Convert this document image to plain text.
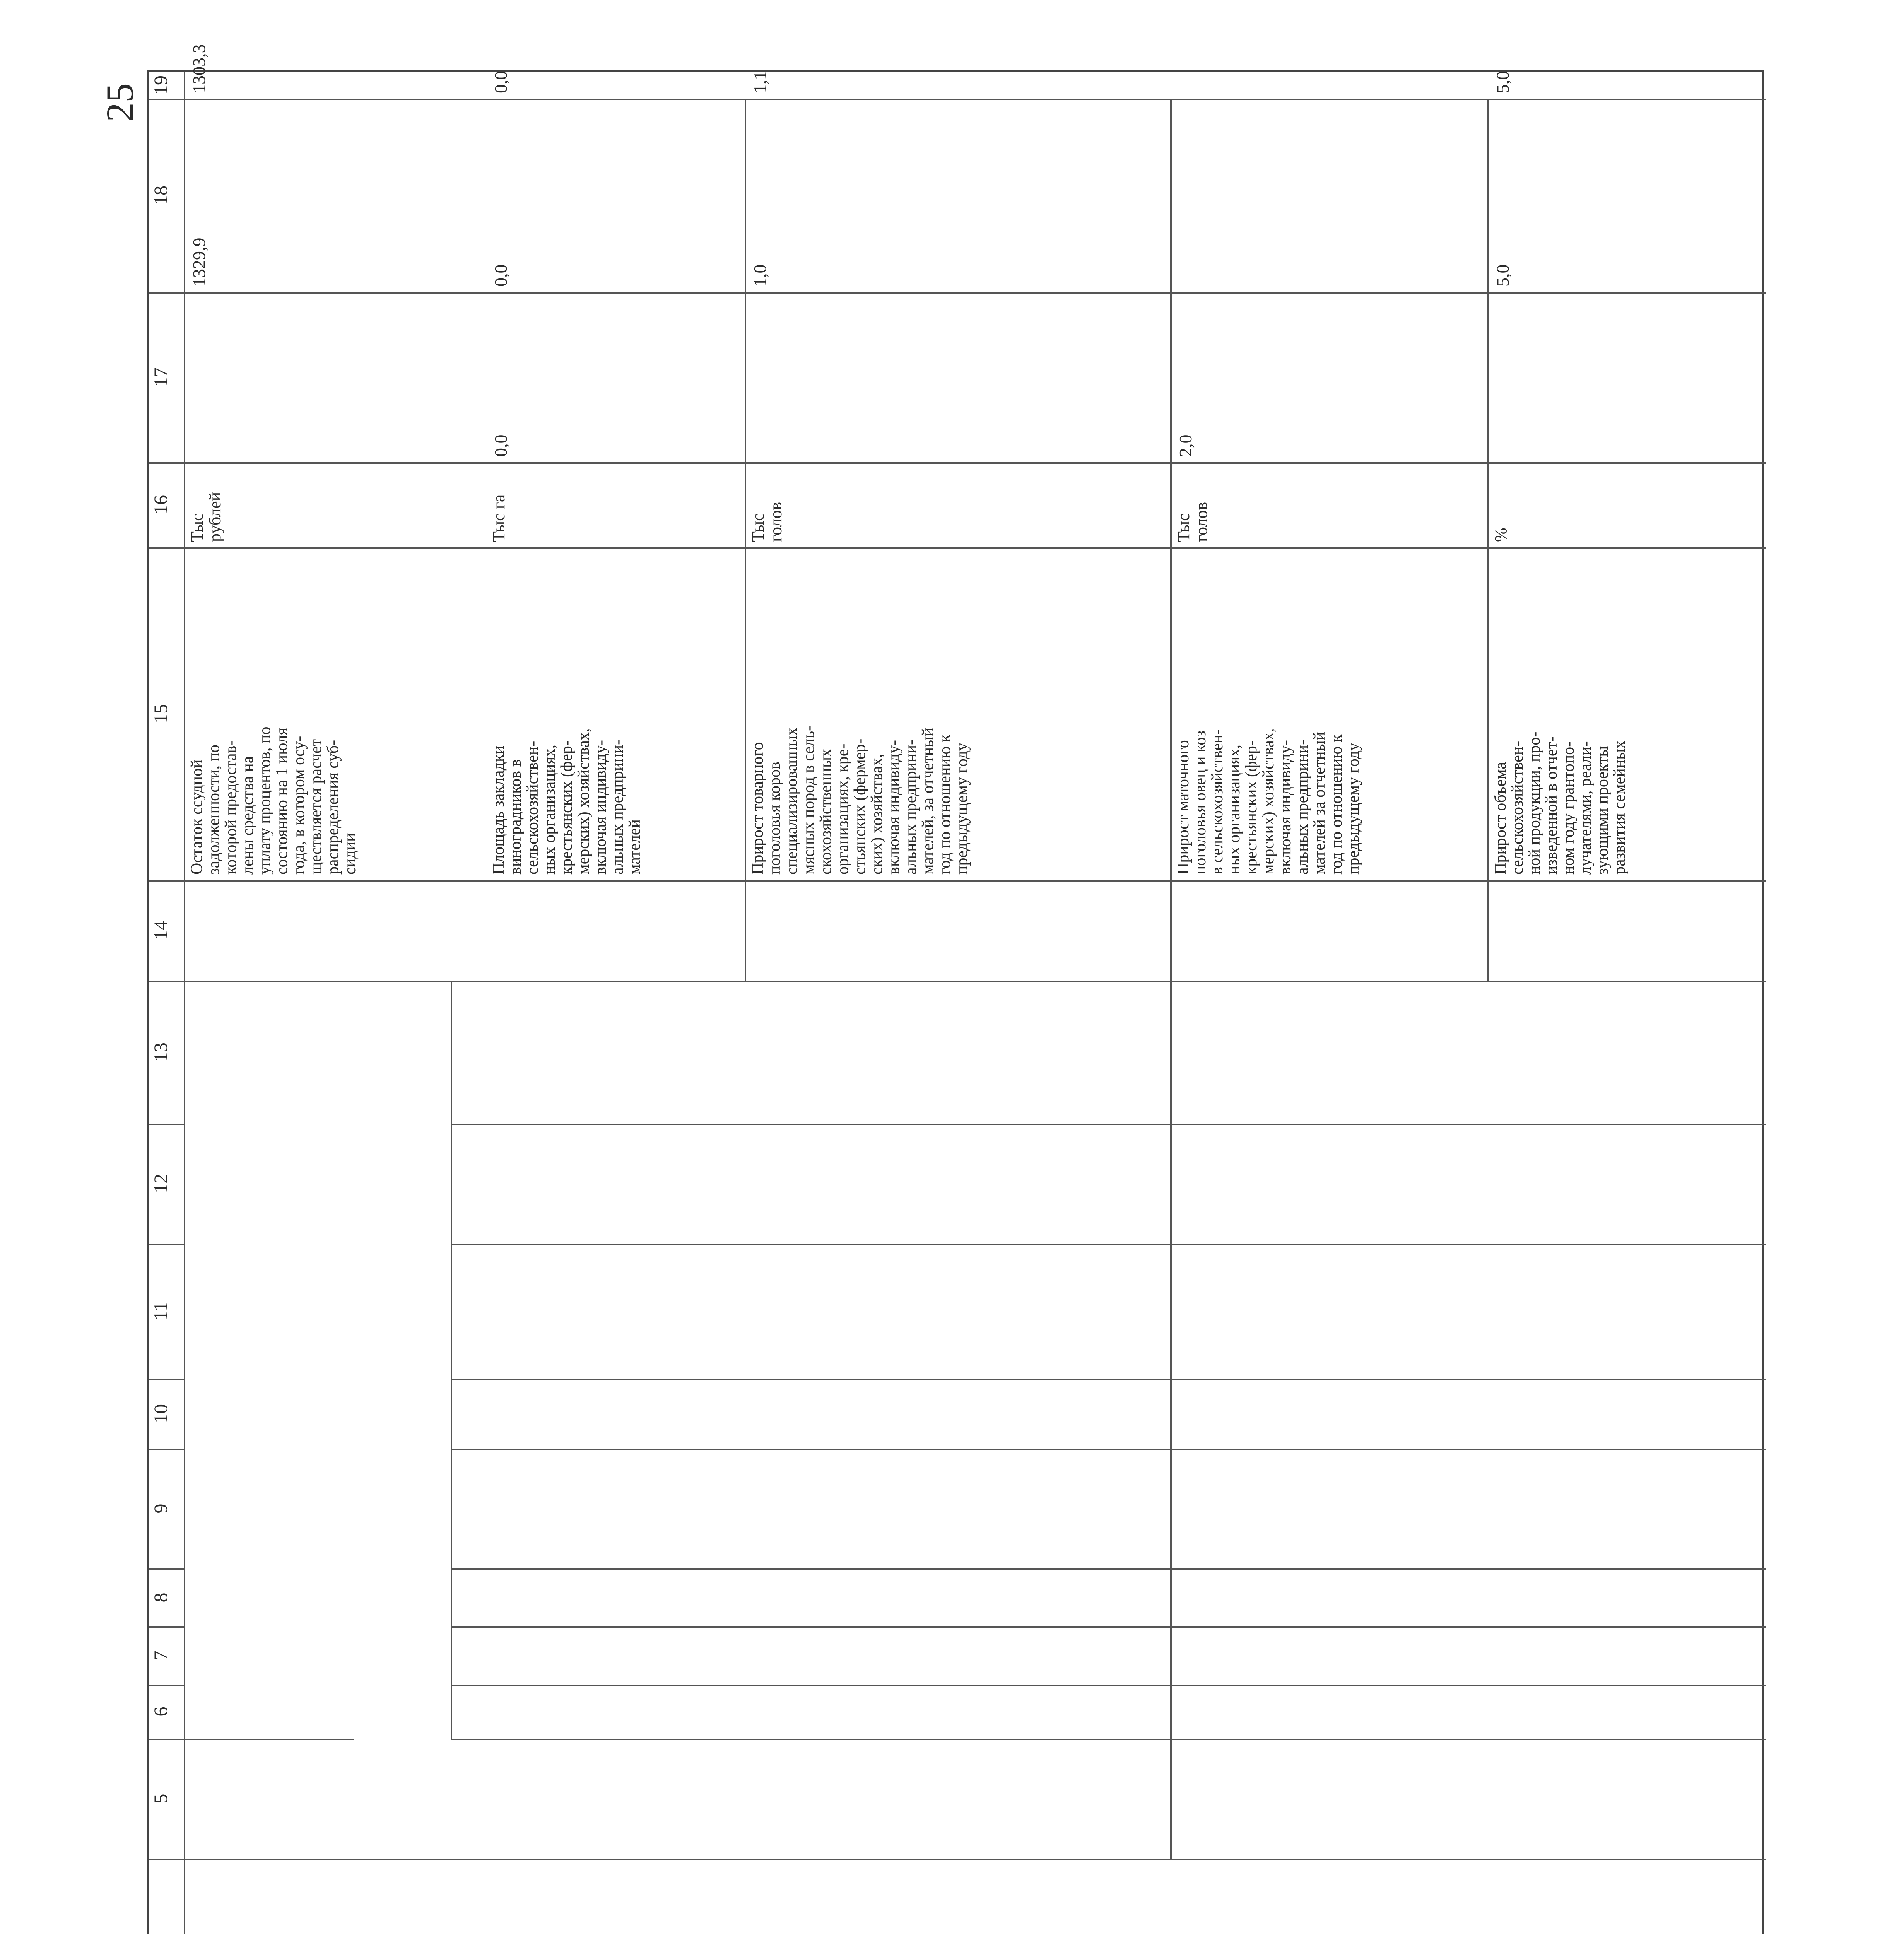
25
5
6
7
8
9
10
11
12
13
14
15
16
17
18
19
Остаток ссудной
задолженности, по
которой предостав-
лены средства на
уплату процентов, по
состоянию на 1 июля
года, в котором осу-
ществляется расчет
распределения суб-
сидии
Тыс
рублей
1329,9
1303,3
Площадь закладки
виноградников в
сельскохозяйствен-
ных организациях,
крестьянских (фер-
мерских) хозяйствах,
включая индивиду-
альных предприни-
мателей
Тыс га
0,0
0,0
0,0
Прирост товарного
поголовья коров
специализированных
мясных пород в сель-
скохозяйственных
организациях, кре-
стьянских (фермер-
ских) хозяйствах,
включая индивиду-
альных предприни-
мателей, за отчетный
год по отношению к
предыдущему году
Тыс
голов
1,0
1,1
Прирост маточного
поголовья овец и коз
в сельскохозяйствен-
ных организациях,
крестьянских (фер-
мерских) хозяйствах,
включая индивиду-
альных предприни-
мателей за отчетный
год по отношению к
предыдущему году
Тыс
голов
2,0
Прирост объема
сельскохозяйствен-
ной продукции, про-
изведенной в отчет-
ном году грантопо-
лучателями, реали-
зующими проекты
развития семейных
%
5,0
5,0
